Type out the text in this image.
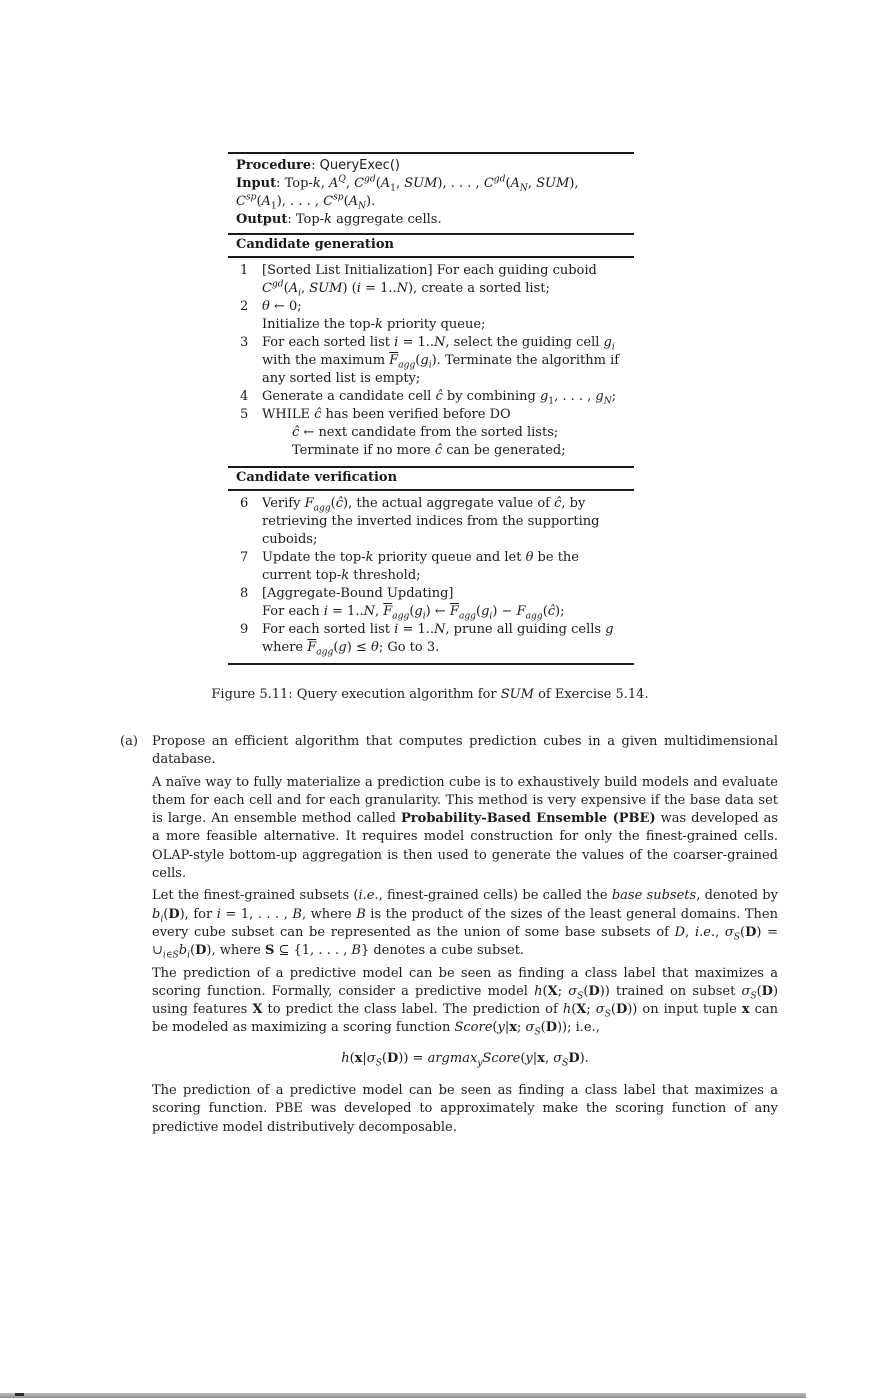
Procedure: QueryExec()
Input: Top-k, $A^Q$, $C^{gd}(A_1$, SUM), . . . , $C^{gd}(A_N$, SUM), $C^{sp}(A_1)$, . . . , $C^{sp}(A_N)$.
Output: Top-k aggregate cells.
Candidate generation
1	[Sorted List Initialization] For each guiding cuboid $C^{gd}(A_i$, SUM) (i = 1..N), create a sorted list;
2	θ ← 0;
Initialize the top-k priority queue;
3	For each sorted list i = 1..N, select the guiding cell $g_i$ with the maximum $\overline{F}_{agg}(g_i)$. Terminate the algorithm if any sorted list is empty;
4	Generate a candidate cell ĉ by combining $g_1$, . . . , $g_N$;
5	WHILE ĉ has been verified before DO
ĉ ← next candidate from the sorted lists;
Terminate if no more ĉ can be generated;
Candidate verification
6	Verify $F_{agg}(ĉ)$, the actual aggregate value of ĉ, by retrieving the inverted indices from the supporting cuboids;
7	Update the top-k priority queue and let θ be the current top-k threshold;
8	[Aggregate-Bound Updating]
For each i = 1..N, $\overline{F}_{agg}(g_i)$ ← $\overline{F}_{agg}(g_i)$ − $F_{agg}(ĉ)$;
9	For each sorted list i = 1..N, prune all guiding cells g where $\overline{F}_{agg}(g) \le \theta$; Go to 3.
Figure 5.11: Query execution algorithm for SUM of Exercise 5.14.
(a)	Propose an efficient algorithm that computes prediction cubes in a given multidimensional database.
A naïve way to fully materialize a prediction cube is to exhaustively build models and evaluate them for each cell and for each granularity. This method is very expensive if the base data set is large. An ensemble method called Probability-Based Ensemble (PBE) was developed as a more feasible alternative. It requires model construction for only the finest-grained cells. OLAP-style bottom-up aggregation is then used to generate the values of the coarser-grained cells.
Let the finest-grained subsets (i.e., finest-grained cells) be called the base subsets, denoted by $b_i(D)$, for i = 1, . . . , B, where B is the product of the sizes of the least general domains. Then every cube subset can be represented as the union of some base subsets of D, i.e., $\sigma_S(D)$ = $\cup_{i\in S}b_i(D)$, where S ⊆ {1, . . . , B} denotes a cube subset.
The prediction of a predictive model can be seen as finding a class label that maximizes a scoring function. Formally, consider a predictive model h(X; $\sigma_S(D)$) trained on subset $\sigma_S(D)$ using features X to predict the class label. The prediction of h(X; $\sigma_S(D)$) on input tuple x can be modeled as maximizing a scoring function Score(y|x; $\sigma_S(D)$); i.e.,
$h(x|\sigma_S(D))$ = argmax$_y$Score(y|x, $\sigma_SD$).
The prediction of a predictive model can be seen as finding a class label that maximizes a scoring function. PBE was developed to approximately make the scoring function of any predictive model distributively decomposable.
